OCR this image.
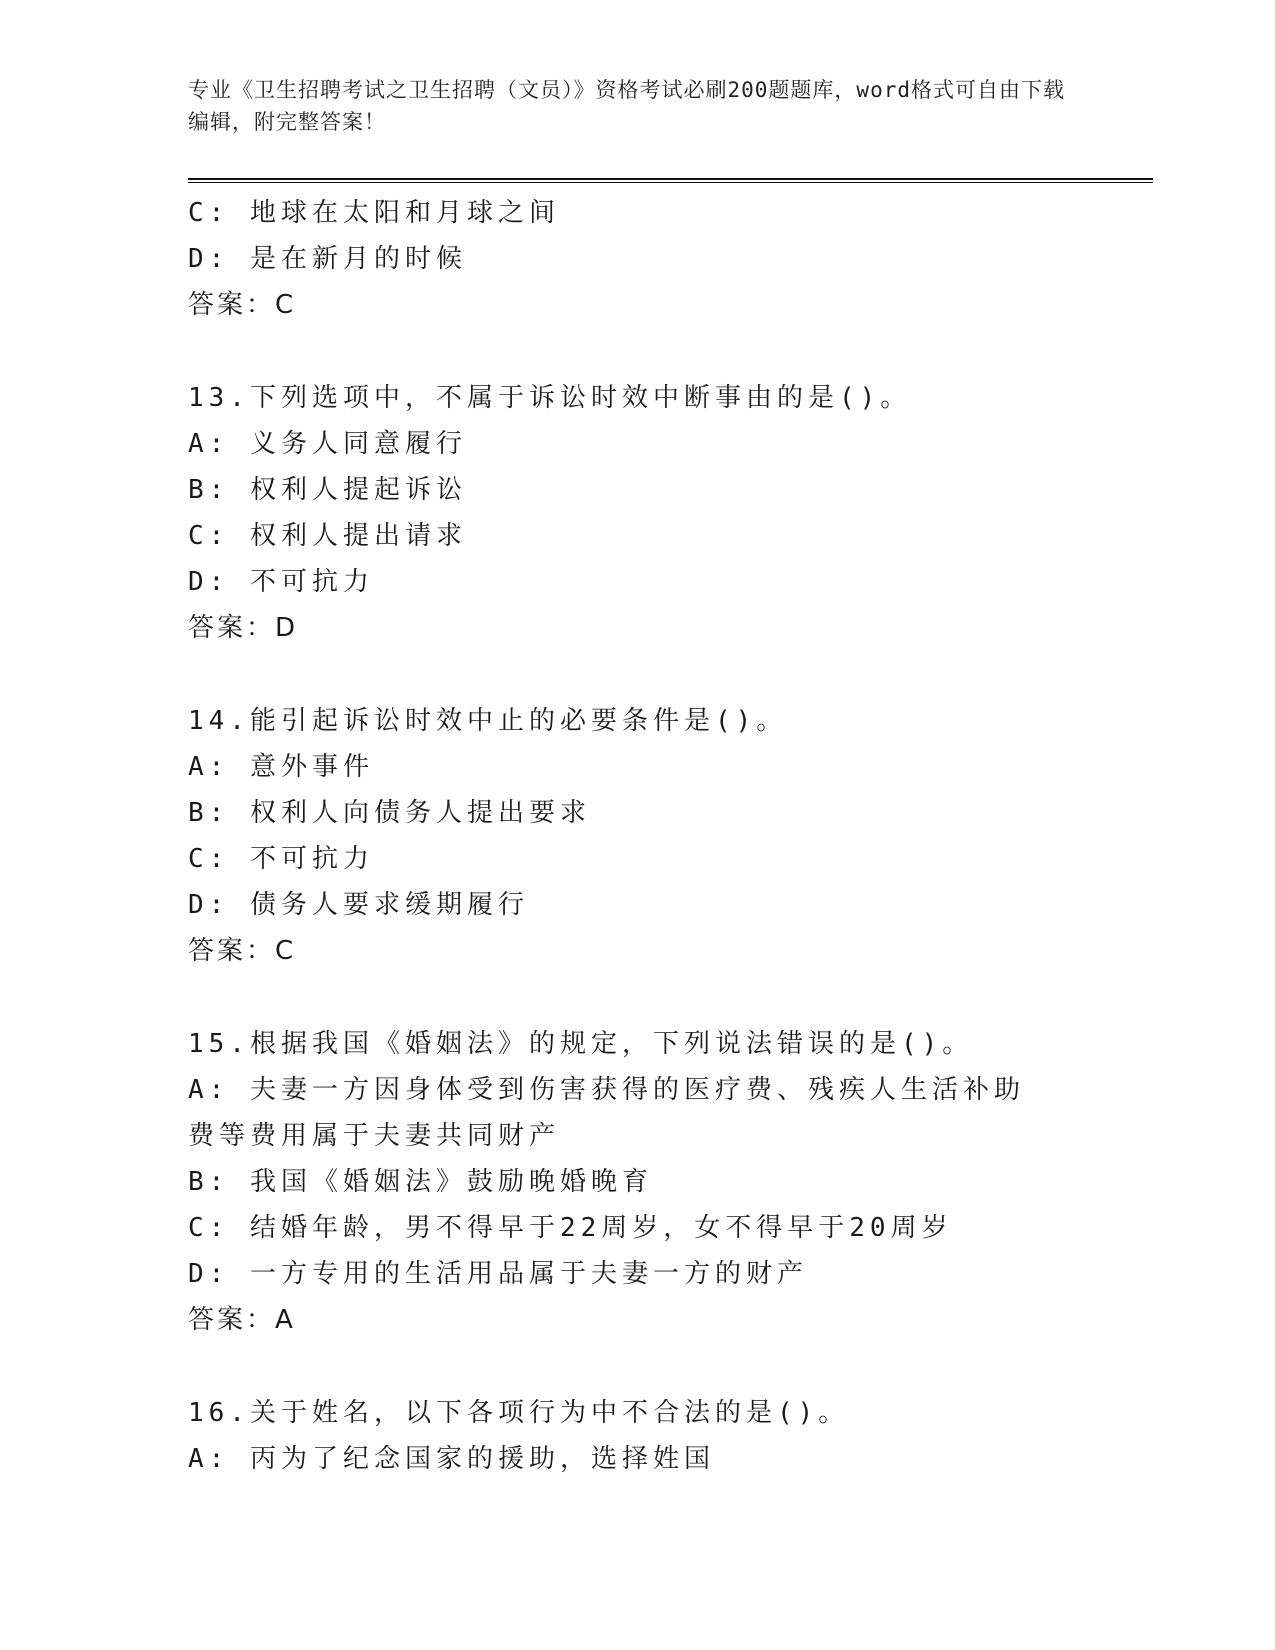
专业《卫生招聘考试之卫生招聘（文员）》资格考试必刷200题题库，word格式可自由下载编辑，附完整答案！
C: 地球在太阳和月球之间
D: 是在新月的时候
答案：C
13.下列选项中，不属于诉讼时效中断事由的是()。
A: 义务人同意履行
B: 权利人提起诉讼
C: 权利人提出请求
D: 不可抗力
答案：D
14.能引起诉讼时效中止的必要条件是()。
A: 意外事件
B: 权利人向债务人提出要求
C: 不可抗力
D: 债务人要求缓期履行
答案：C
15.根据我国《婚姻法》的规定，下列说法错误的是()。
A: 夫妻一方因身体受到伤害获得的医疗费、残疾人生活补助费等费用属于夫妻共同财产
B: 我国《婚姻法》鼓励晚婚晚育
C: 结婚年龄，男不得早于22周岁，女不得早于20周岁
D: 一方专用的生活用品属于夫妻一方的财产
答案：A
16.关于姓名，以下各项行为中不合法的是()。
A: 丙为了纪念国家的援助，选择姓国
